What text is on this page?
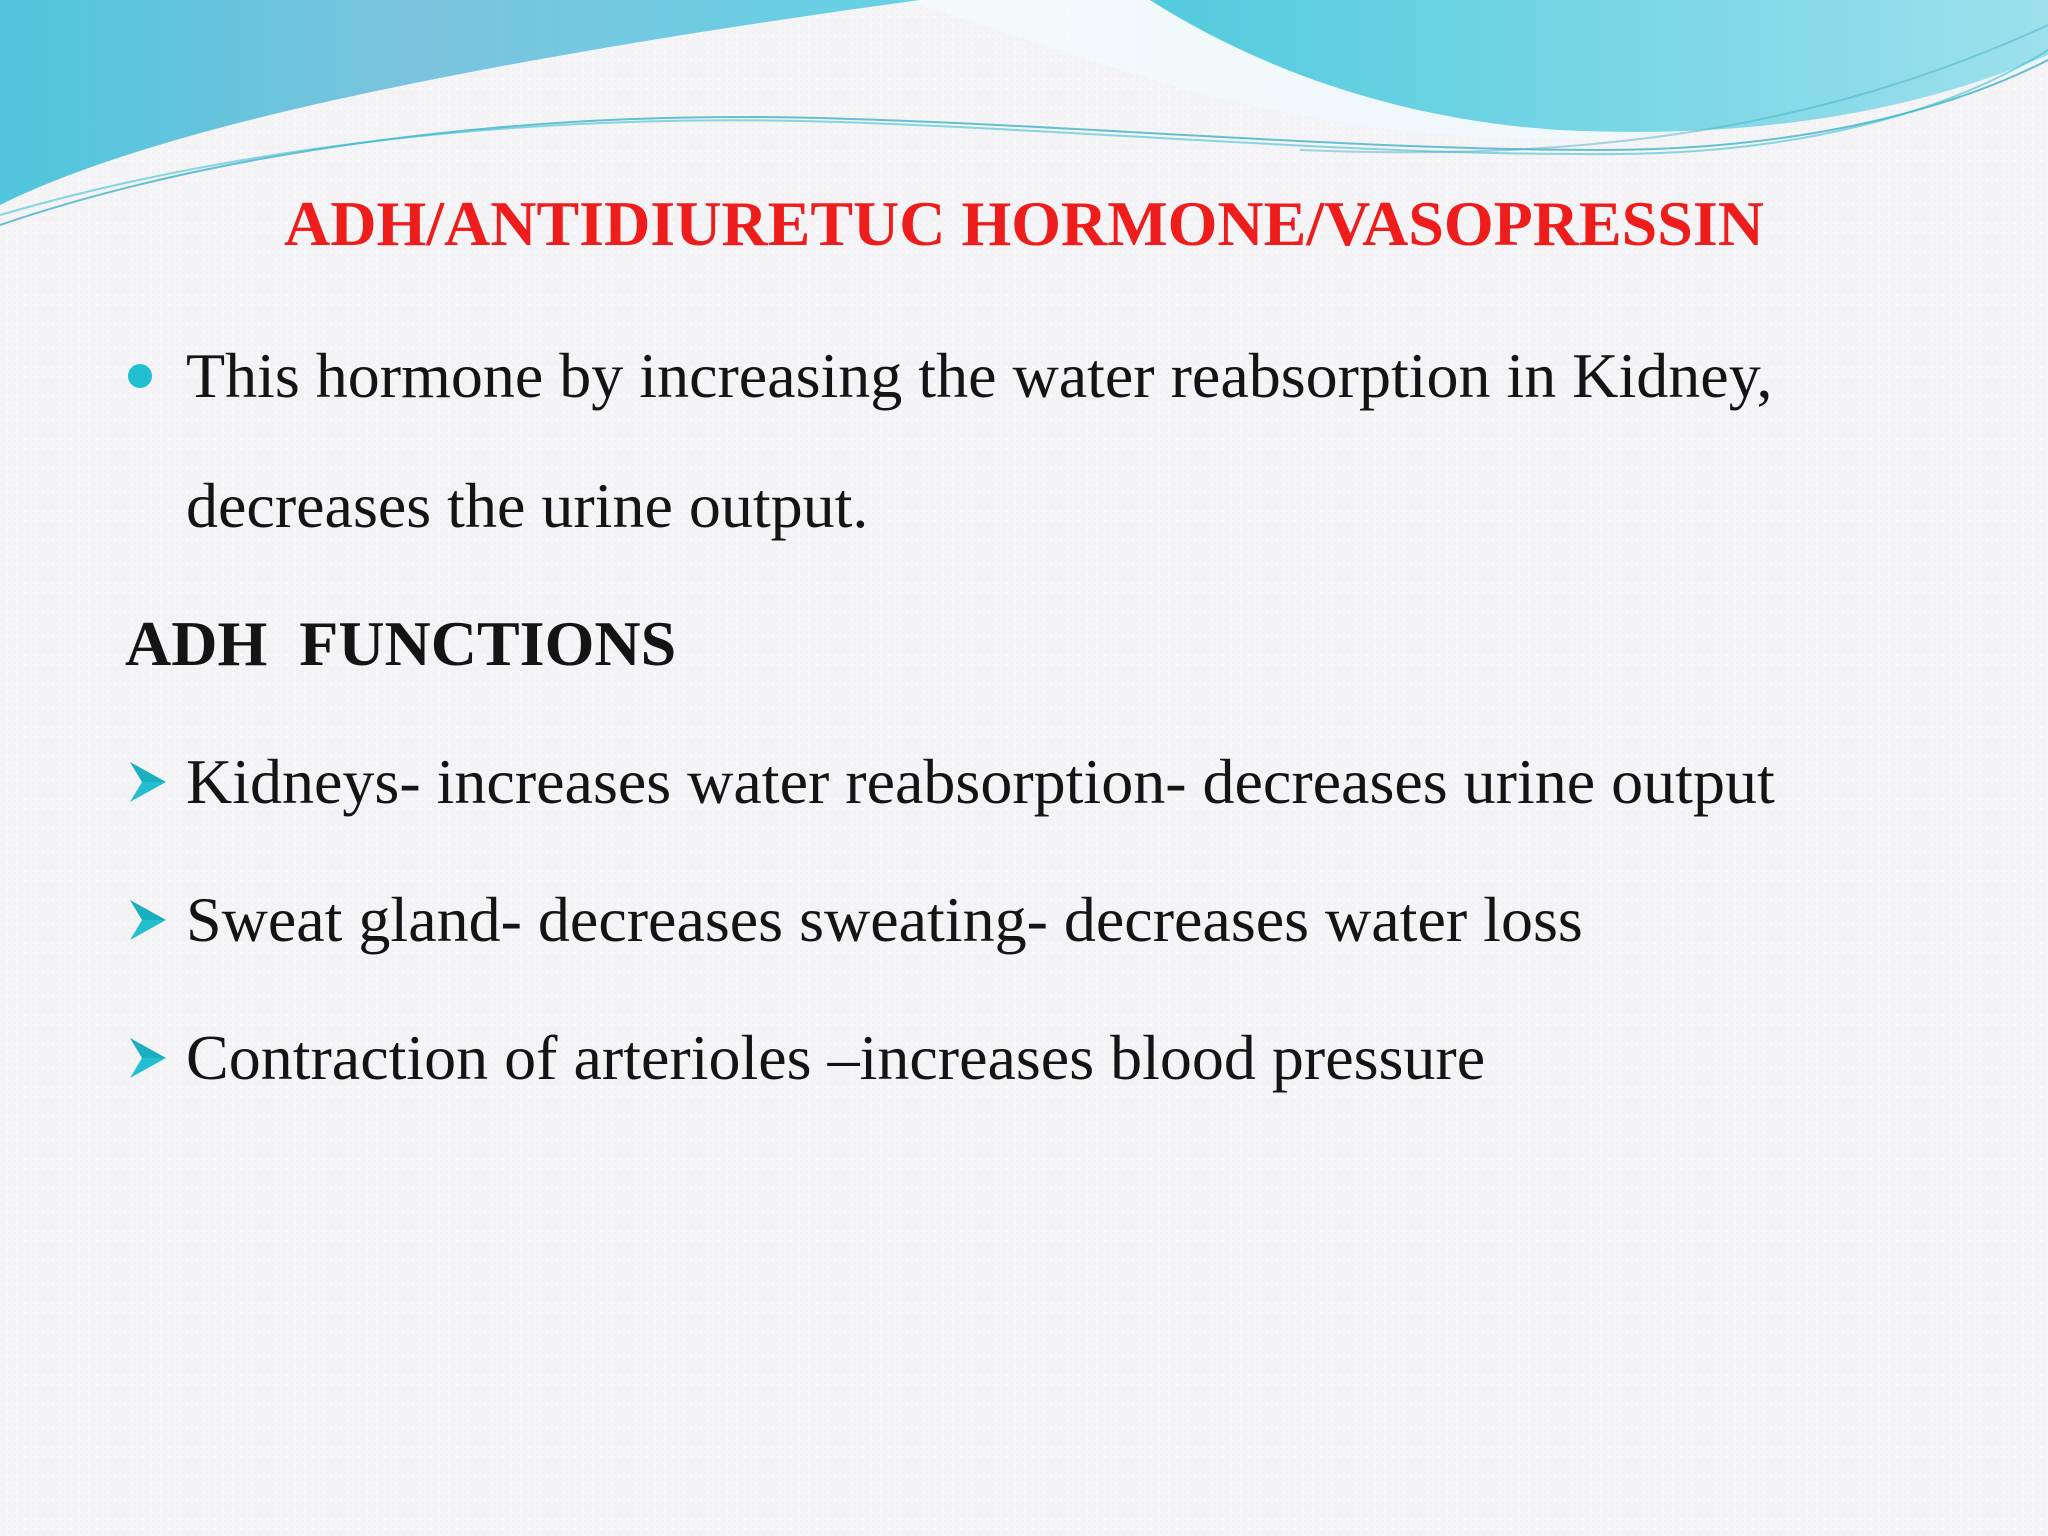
ADH/ANTIDIURETUC HORMONE/VASOPRESSIN
This hormone by increasing the water reabsorption in Kidney, decreases the urine output.
ADH  FUNCTIONS
Kidneys- increases water reabsorption- decreases urine output
Sweat gland- decreases sweating- decreases water loss
Contraction of arterioles –increases blood pressure
